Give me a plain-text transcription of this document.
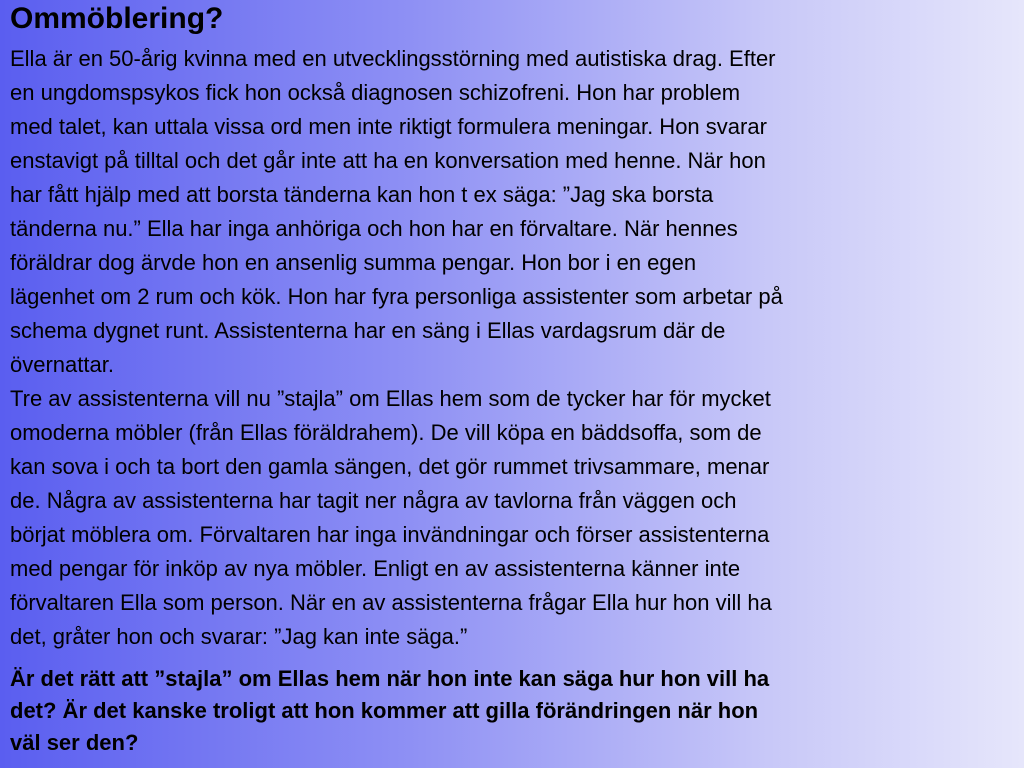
Ommöblering?

Ella är en 50-årig kvinna med en utvecklingsstörning med autistiska drag. Efter
en ungdomspsykos fick hon också diagnosen schizofreni. Hon har problem
med talet, kan uttala vissa ord men inte riktigt formulera meningar. Hon svarar
enstavigt på tilltal och det går inte att ha en konversation med henne. När hon
har fått hjälp med att borsta tänderna kan hon t ex säga: ”Jag ska borsta
tänderna nu.” Ella har inga anhöriga och hon har en förvaltare. När hennes
föräldrar dog ärvde hon en ansenlig summa pengar. Hon bor i en egen
lägenhet om 2 rum och kök. Hon har fyra personliga assistenter som arbetar på
schema dygnet runt. Assistenterna har en säng i Ellas vardagsrum där de
övernattar.

Tre av assistenterna vill nu ”stajla” om Ellas hem som de tycker har för mycket
omoderna möbler (från Ellas föräldrahem). De vill köpa en bäddsoffa, som de
kan sova i och ta bort den gamla sängen, det gör rummet trivsammare, menar
de. Några av assistenterna har tagit ner några av tavlorna från väggen och
börjat möblera om. Förvaltaren har inga invändningar och förser assistenterna
med pengar för inköp av nya möbler. Enligt en av assistenterna känner inte
förvaltaren Ella som person. När en av assistenterna frågar Ella hur hon vill ha
det, gråter hon och svarar: ”Jag kan inte säga.”

Är det rätt att ”stajla” om Ellas hem när hon inte kan säga hur hon vill ha
det? Är det kanske troligt att hon kommer att gilla förändringen när hon
väl ser den?
